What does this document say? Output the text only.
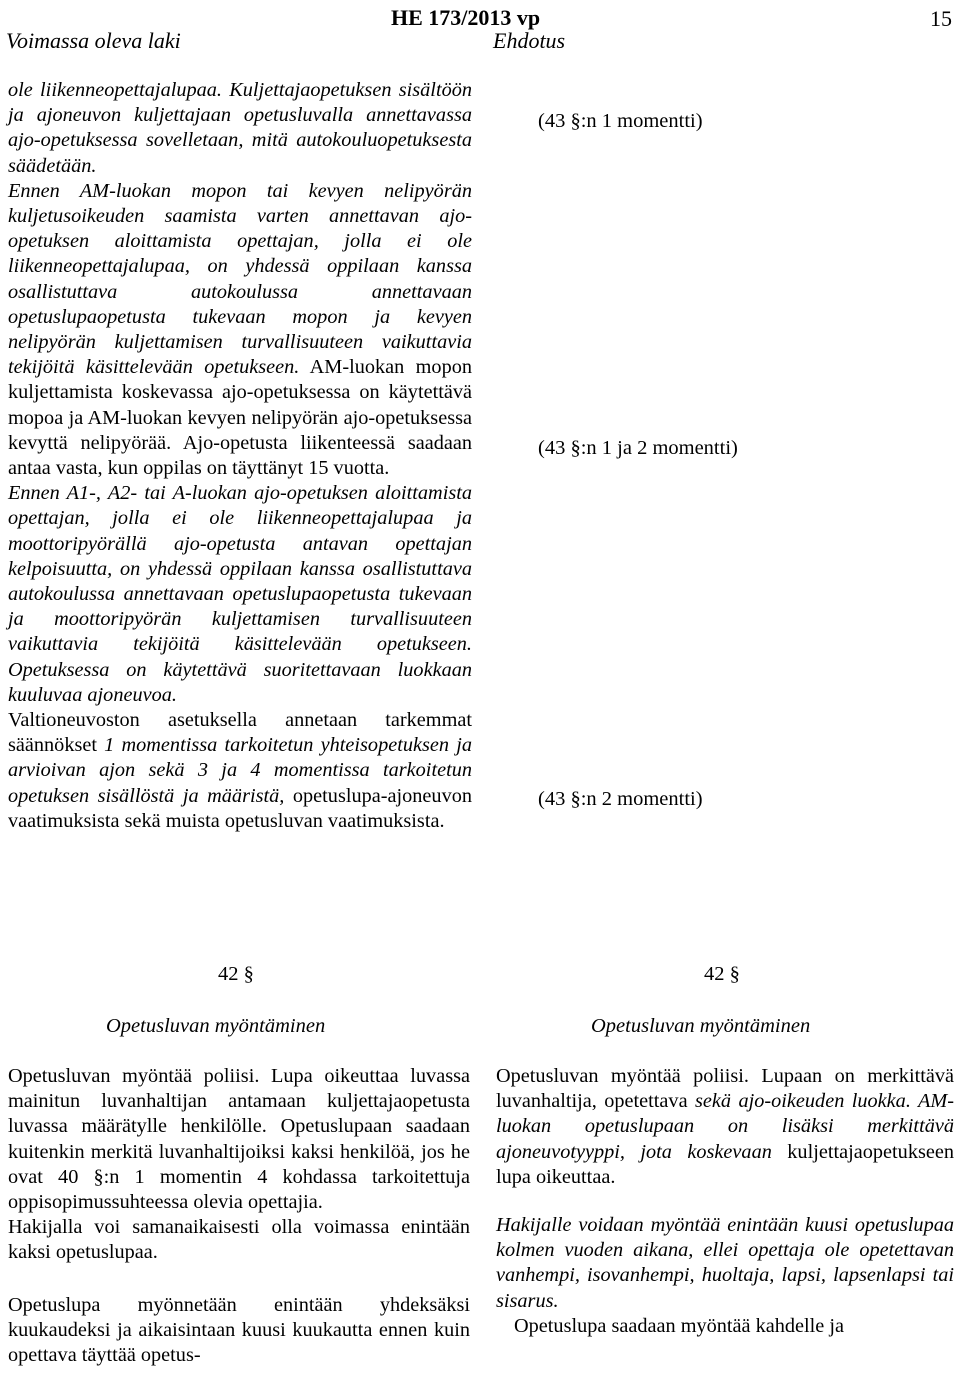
Voimassa oleva laki
HE 173/2013 vp
Ehdotus
15

ole liikenneopettajalupaa. Kuljettajaopetuksen sisältöön ja ajoneuvon kuljettajaan opetusluvalla annettavassa ajo-opetuksessa sovelletaan, mitä autokouluopetuksesta säädetään.

Ennen AM-luokan mopon tai kevyen nelipyörän kuljetusoikeuden saamista varten annettavan ajo-opetuksen aloittamista opettajan, jolla ei ole liikenneopettajalupaa, on yhdessä oppilaan kanssa osallistuttava autokoulussa annettavaan opetuslupaopetusta tukevaan mopon ja kevyen nelipyörän kuljettamisen turvallisuuteen vaikuttavia tekijöitä käsittelevään opetukseen. AM-luokan mopon kuljettamista koskevassa ajo-opetuksessa on käytettävä mopoa ja AM-luokan kevyen nelipyörän ajo-opetuksessa kevyttä nelipyörää. Ajo-opetusta liikenteessä saadaan antaa vasta, kun oppilas on täyttänyt 15 vuotta.

Ennen A1-, A2- tai A-luokan ajo-opetuksen aloittamista opettajan, jolla ei ole liikenneopettajalupaa ja moottoripyörällä ajo-opetusta antavan opettajan kelpoisuutta, on yhdessä oppilaan kanssa osallistuttava autokoulussa annettavaan opetuslupaopetusta tukevaan ja moottoripyörän kuljettamisen turvallisuuteen vaikuttavia tekijöitä käsittelevään opetukseen. Opetuksessa on käytettävä suoritettavaan luokkaan kuuluvaa ajoneuvoa.

Valtioneuvoston asetuksella annetaan tarkemmat säännökset 1 momentissa tarkoitetun yhteisopetuksen ja arvioivan ajon sekä 3 ja 4 momentissa tarkoitetun opetuksen sisällöstä ja määristä, opetuslupa-ajoneuvon vaatimuksista sekä muista opetusluvan vaatimuksista.

(43 §:n 1 momentti)
(43 §:n 1 ja 2 momentti)
(43 §:n 2 momentti)
42 §	42 §
Opetusluvan myöntäminen	Opetusluvan myöntäminen

Opetusluvan myöntää poliisi. Lupa oikeuttaa luvassa mainitun luvanhaltijan antamaan kuljettajaopetusta luvassa määrätylle henkilölle. Opetuslupaan saadaan kuitenkin merkitä luvanhaltijoiksi kaksi henkilöä, jos he ovat 40 §:n 1 momentin 4 kohdassa tarkoitettuja oppisopimussuhteessa olevia opettajia.

Hakijalla voi samanaikaisesti olla voimassa enintään kaksi opetuslupaa.

Opetuslupa myönnetään enintään yhdeksäksi kuukaudeksi ja aikaisintaan kuusi kuukautta ennen kuin opettava täyttää opetus-

Opetusluvan myöntää poliisi. Lupaan on merkittävä luvanhaltija, opetettava sekä ajo-oikeuden luokka. AM-luokan opetuslupaan on lisäksi merkittävä ajoneuvotyyppi, jota koskevaan kuljettajaopetukseen lupa oikeuttaa.

Hakijalle voidaan myöntää enintään kuusi opetuslupaa kolmen vuoden aikana, ellei opettaja ole opetettavan vanhempi, isovanhempi, huoltaja, lapsi, lapsenlapsi tai sisarus.

Opetuslupa saadaan myöntää kahdelle ja
